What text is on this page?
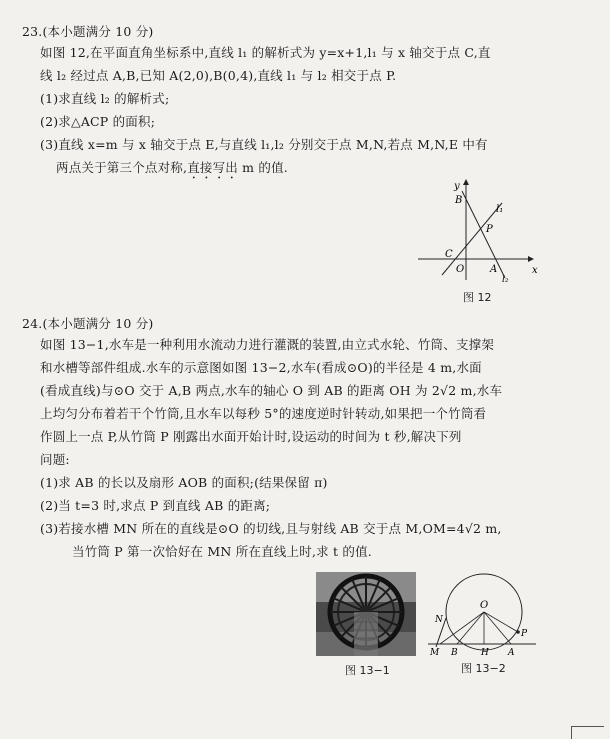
23.(本小题满分 10 分)
如图 12,在平面直角坐标系中,直线 l₁ 的解析式为 y=x+1,l₁ 与 x 轴交于点 C,直
线 l₂ 经过点 A,B,已知 A(2,0),B(0,4),直线 l₁ 与 l₂ 相交于点 P.
(1)求直线 l₂ 的解析式;
(2)求△ACP 的面积;
(3)直线 x=m 与 x 轴交于点 E,与直线 l₁,l₂ 分别交于点 M,N,若点 M,N,E 中有
两点关于第三个点对称,直接写出 m 的值.
y
x
B
l₁
P
C
O	A
l₂
图 12
24.(本小题满分 10 分)
如图 13−1,水车是一种利用水流动力进行灌溉的装置,由立式水轮、竹筒、支撑架
和水槽等部件组成.水车的示意图如图 13−2,水车(看成⊙O)的半径是 4 m,水面
(看成直线)与⊙O 交于 A,B 两点,水车的轴心 O 到 AB 的距离 OH 为 2√2 m,水车
上均匀分布着若干个竹筒,且水车以每秒 5°的速度逆时针转动,如果把一个竹筒看
作圆上一点 P,从竹筒 P 刚露出水面开始计时,设运动的时间为 t 秒,解决下列
问题:
(1)求 AB 的长以及扇形 AOB 的面积;(结果保留 π)
(2)当 t=3 时,求点 P 到直线 AB 的距离;
(3)若接水槽 MN 所在的直线是⊙O 的切线,且与射线 AB 交于点 M,OM=4√2 m,
当竹筒 P 第一次恰好在 MN 所在直线上时,求 t 的值.
图 13−1
O
N
P
M B	H A
图 13−2
